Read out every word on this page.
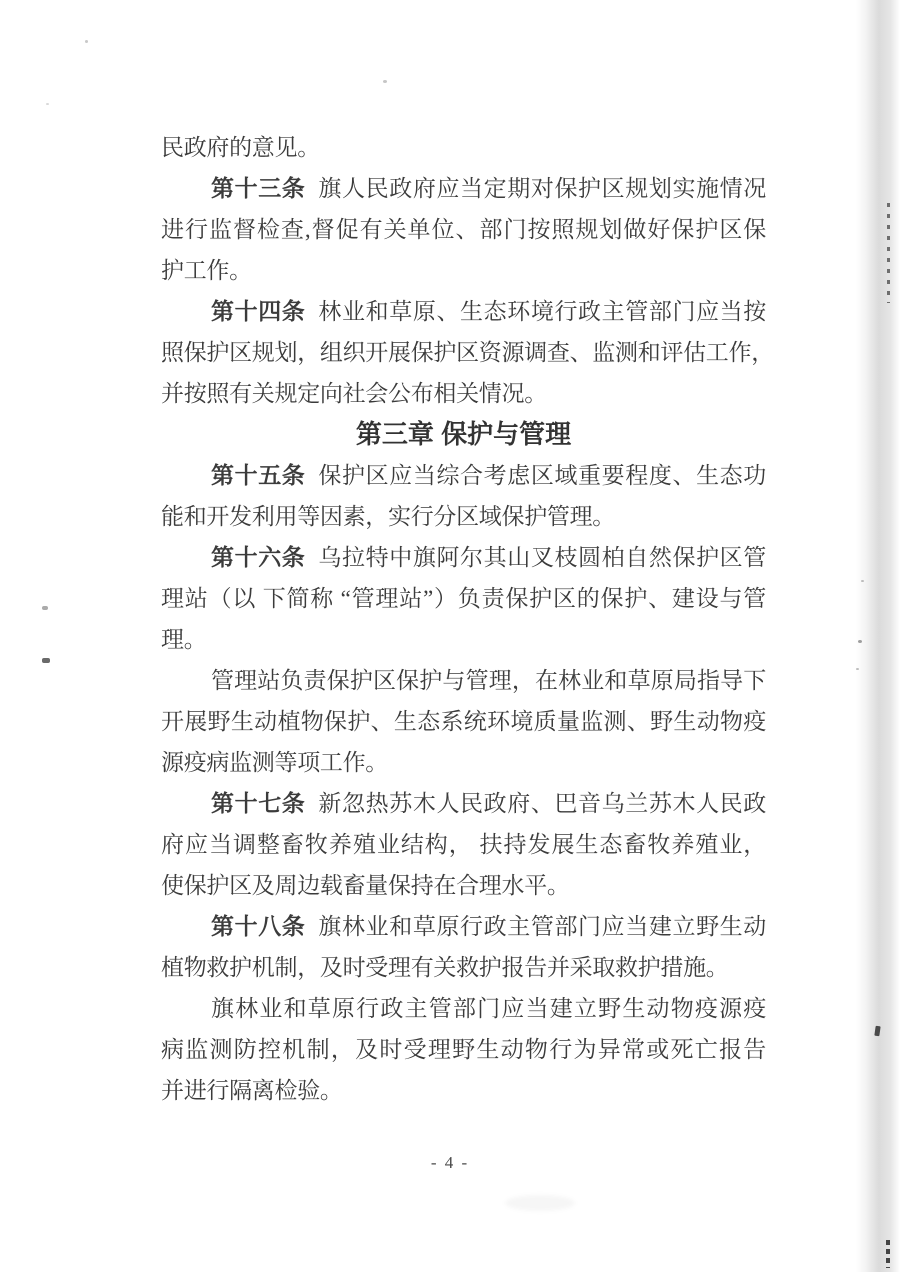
民政府的意见。
第十三条 旗人民政府应当定期对保护区规划实施情况
进行监督检查,督促有关单位、部门按照规划做好保护区保
护工作。
第十四条 林业和草原、生态环境行政主管部门应当按
照保护区规划，组织开展保护区资源调查、监测和评估工作，
并按照有关规定向社会公布相关情况。
第三章 保护与管理
第十五条 保护区应当综合考虑区域重要程度、生态功
能和开发利用等因素，实行分区域保护管理。
第十六条 乌拉特中旗阿尔其山叉枝圆柏自然保护区管
理站（以 下简称 “管理站”）负责保护区的保护、建设与管
理。
管理站负责保护区保护与管理，在林业和草原局指导下
开展野生动植物保护、生态系统环境质量监测、野生动物疫
源疫病监测等项工作。
第十七条 新忽热苏木人民政府、巴音乌兰苏木人民政
府应当调整畜牧养殖业结构， 扶持发展生态畜牧养殖业，
使保护区及周边载畜量保持在合理水平。
第十八条 旗林业和草原行政主管部门应当建立野生动
植物救护机制，及时受理有关救护报告并采取救护措施。
旗林业和草原行政主管部门应当建立野生动物疫源疫
病监测防控机制，及时受理野生动物行为异常或死亡报告
并进行隔离检验。
- 4 -
